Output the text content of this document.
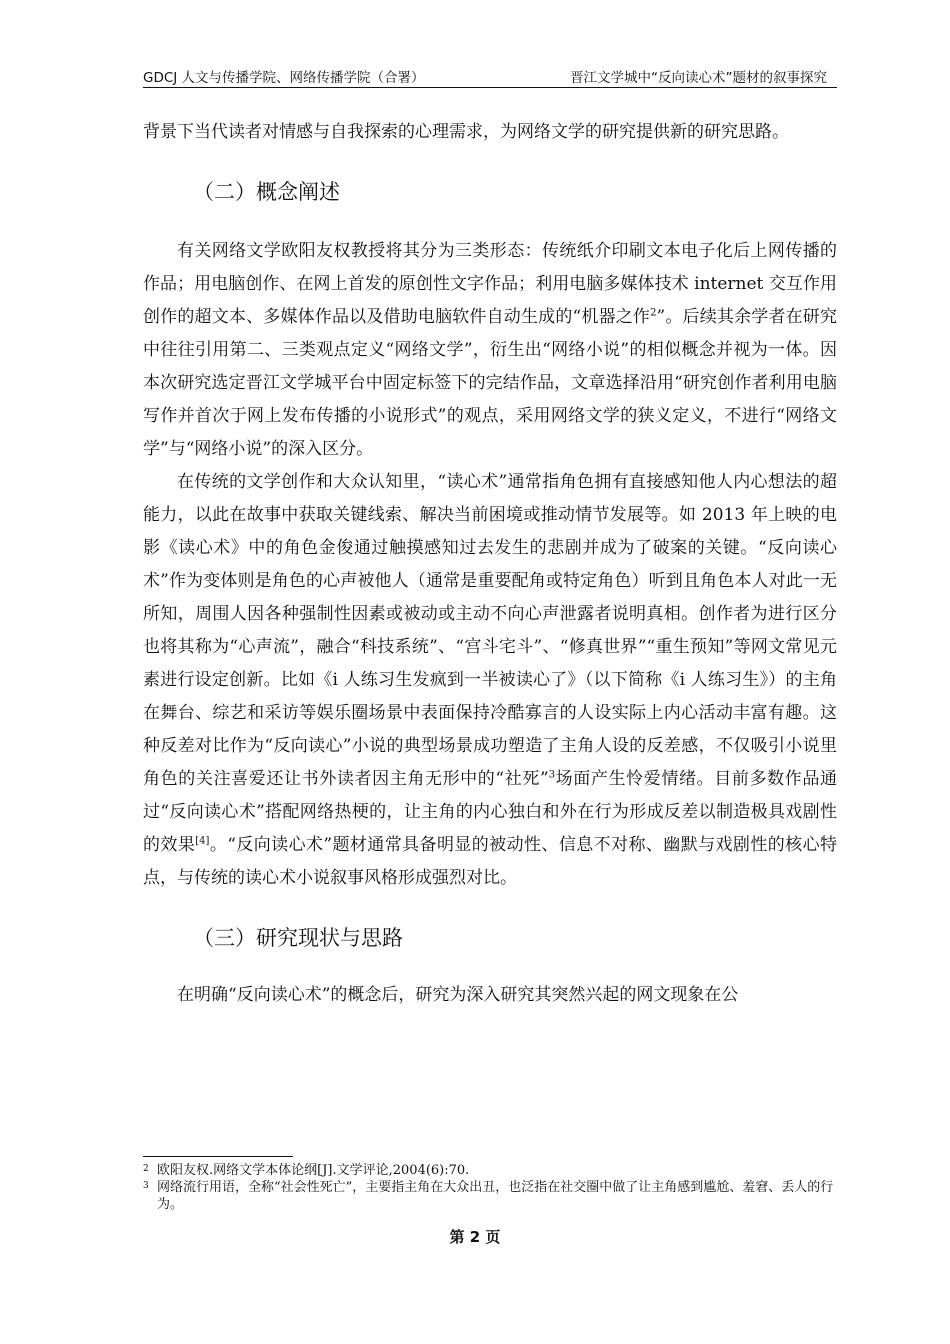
GDCJ 人文与传播学院、网络传播学院（合署）	晋江文学城中“反向读心术”题材的叙事探究

背景下当代读者对情感与自我探索的心理需求，为网络文学的研究提供新的研究思路。

（二）概念阐述

有关网络文学欧阳友权教授将其分为三类形态：传统纸介印刷文本电子化后上网传播的作品；用电脑创作、在网上首发的原创性文字作品；利用电脑多媒体技术 internet 交互作用创作的超文本、多媒体作品以及借助电脑软件自动生成的“机器之作$^2$”。后续其余学者在研究中往往引用第二、三类观点定义“网络文学”，衍生出“网络小说”的相似概念并视为一体。因本次研究选定晋江文学城平台中固定标签下的完结作品，文章选择沿用“研究创作者利用电脑写作并首次于网上发布传播的小说形式”的观点，采用网络文学的狭义定义，不进行“网络文学”与“网络小说”的深入区分。

在传统的文学创作和大众认知里，“读心术”通常指角色拥有直接感知他人内心想法的超能力，以此在故事中获取关键线索、解决当前困境或推动情节发展等。如 2013 年上映的电影《读心术》中的角色金俊通过触摸感知过去发生的悲剧并成为了破案的关键。“反向读心术”作为变体则是角色的心声被他人（通常是重要配角或特定角色）听到且角色本人对此一无所知，周围人因各种强制性因素或被动或主动不向心声泄露者说明真相。创作者为进行区分也将其称为“心声流”，融合“科技系统”、“宫斗宅斗”、“修真世界”“重生预知”等网文常见元素进行设定创新。比如《i 人练习生发疯到一半被读心了》（以下简称《i 人练习生》）的主角在舞台、综艺和采访等娱乐圈场景中表面保持冷酷寡言的人设实际上内心活动丰富有趣。这种反差对比作为“反向读心”小说的典型场景成功塑造了主角人设的反差感，不仅吸引小说里角色的关注喜爱还让书外读者因主角无形中的“社死”$^3$场面产生怜爱情绪。目前多数作品通过“反向读心术”搭配网络热梗的，让主角的内心独白和外在行为形成反差以制造极具戏剧性的效果[4]。“反向读心术”题材通常具备明显的被动性、信息不对称、幽默与戏剧性的核心特点，与传统的读心术小说叙事风格形成强烈对比。

（三）研究现状与思路

在明确“反向读心术”的概念后，研究为深入研究其突然兴起的网文现象在公

2 欧阳友权.网络文学本体论纲[J].文学评论,2004(6):70.
3 网络流行用语，全称“社会性死亡”，主要指主角在大众出丑，也泛指在社交圈中做了让主角感到尴尬、羞窘、丢人的行为。
第 2 页
